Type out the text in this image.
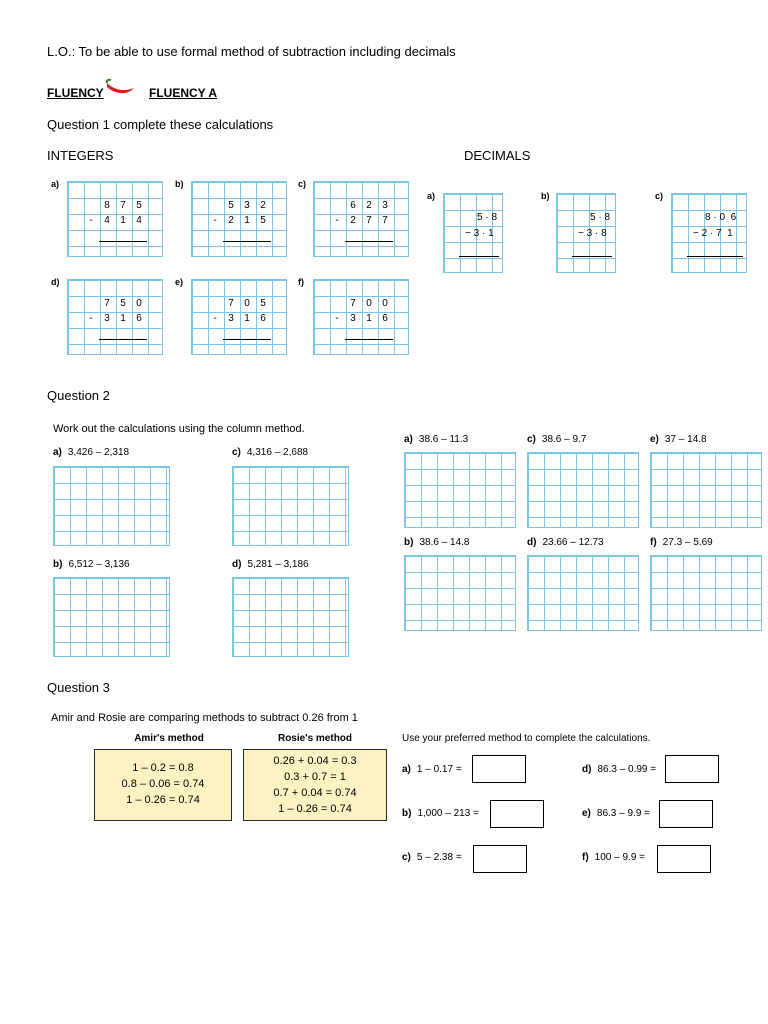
L.O.: To be able to use formal method of subtraction including decimals
FLUENCY	FLUENCY A
Question 1 complete these calculations
INTEGERS	DECIMALS
a)
8	7	5
-	4	1	4
b)
5	3	2
-	2	1	5
c)
6	2	3
-	2	7	7
d)
7	5	0
-	3	1	6
e)
7	0	5
-	3	1	6
f)
7	0	0
-	3	1	6
a)
5 · 8
− 3 · 1
b)
5 · 8
− 3 · 8
c)
8 · 0  6
− 2 · 7  1
Question 2
Work out the calculations using the column method.
a) 3,426 – 2,318	c) 4,316 – 2,688
b) 6,512 – 3,136	d) 5,281 – 3,186
a) 38.6 – 11.3	c) 38.6 – 9.7	e) 37 – 14.8
b) 38.6 – 14.8	d) 23.66 – 12.73	f) 27.3 – 5.69
Question 3
Amir and Rosie are comparing methods to subtract 0.26 from 1
Amir's method
1 – 0.2 = 0.8
0.8 – 0.06 = 0.74
1 – 0.26 = 0.74
Rosie's method
0.26 + 0.04 = 0.3
0.3 + 0.7 = 1
0.7 + 0.04 = 0.74
1 – 0.26 = 0.74
Use your preferred method to complete the calculations.
a) 1 – 0.17 =	d) 86.3 – 0.99 =
b) 1,000 – 213 =	e) 86.3 – 9.9 =
c) 5 – 2.38 =	f) 100 – 9.9 =
